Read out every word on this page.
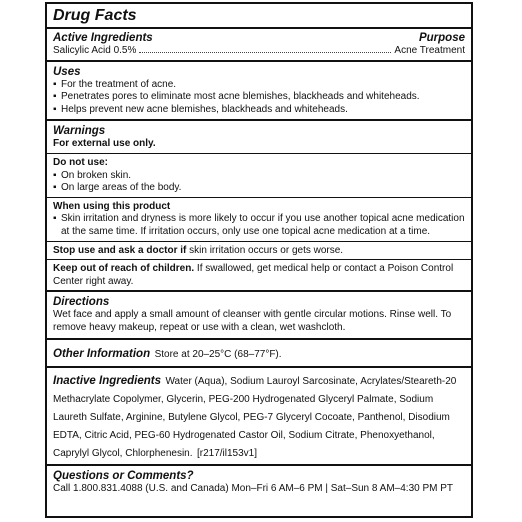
Drug Facts
Active Ingredients	Purpose
Salicylic Acid 0.5%	Acne Treatment
Uses
▪ For the treatment of acne.
▪ Penetrates pores to eliminate most acne blemishes, blackheads and whiteheads.
▪ Helps prevent new acne blemishes, blackheads and whiteheads.
Warnings
For external use only.
Do not use:
▪ On broken skin.
▪ On large areas of the body.
When using this product
▪ Skin irritation and dryness is more likely to occur if you use another topical acne medication at the same time. If irritation occurs, only use one topical acne medication at a time.
Stop use and ask a doctor if skin irritation occurs or gets worse.
Keep out of reach of children. If swallowed, get medical help or contact a Poison Control Center right away.
Directions
Wet face and apply a small amount of cleanser with gentle circular motions. Rinse well. To remove heavy makeup, repeat or use with a clean, wet washcloth.
Other Information Store at 20–25°C (68–77°F).
Inactive Ingredients Water (Aqua), Sodium Lauroyl Sarcosinate, Acrylates/Steareth-20 Methacrylate Copolymer, Glycerin, PEG-200 Hydrogenated Glyceryl Palmate, Sodium Laureth Sulfate, Arginine, Butylene Glycol, PEG-7 Glyceryl Cocoate, Panthenol, Disodium EDTA, Citric Acid, PEG-60 Hydrogenated Castor Oil, Sodium Citrate, Phenoxyethanol, Caprylyl Glycol, Chlorphenesin. [r217/il153v1]
Questions or Comments?
Call 1.800.831.4088 (U.S. and Canada) Mon–Fri 6 AM–6 PM | Sat–Sun 8 AM–4:30 PM PT
